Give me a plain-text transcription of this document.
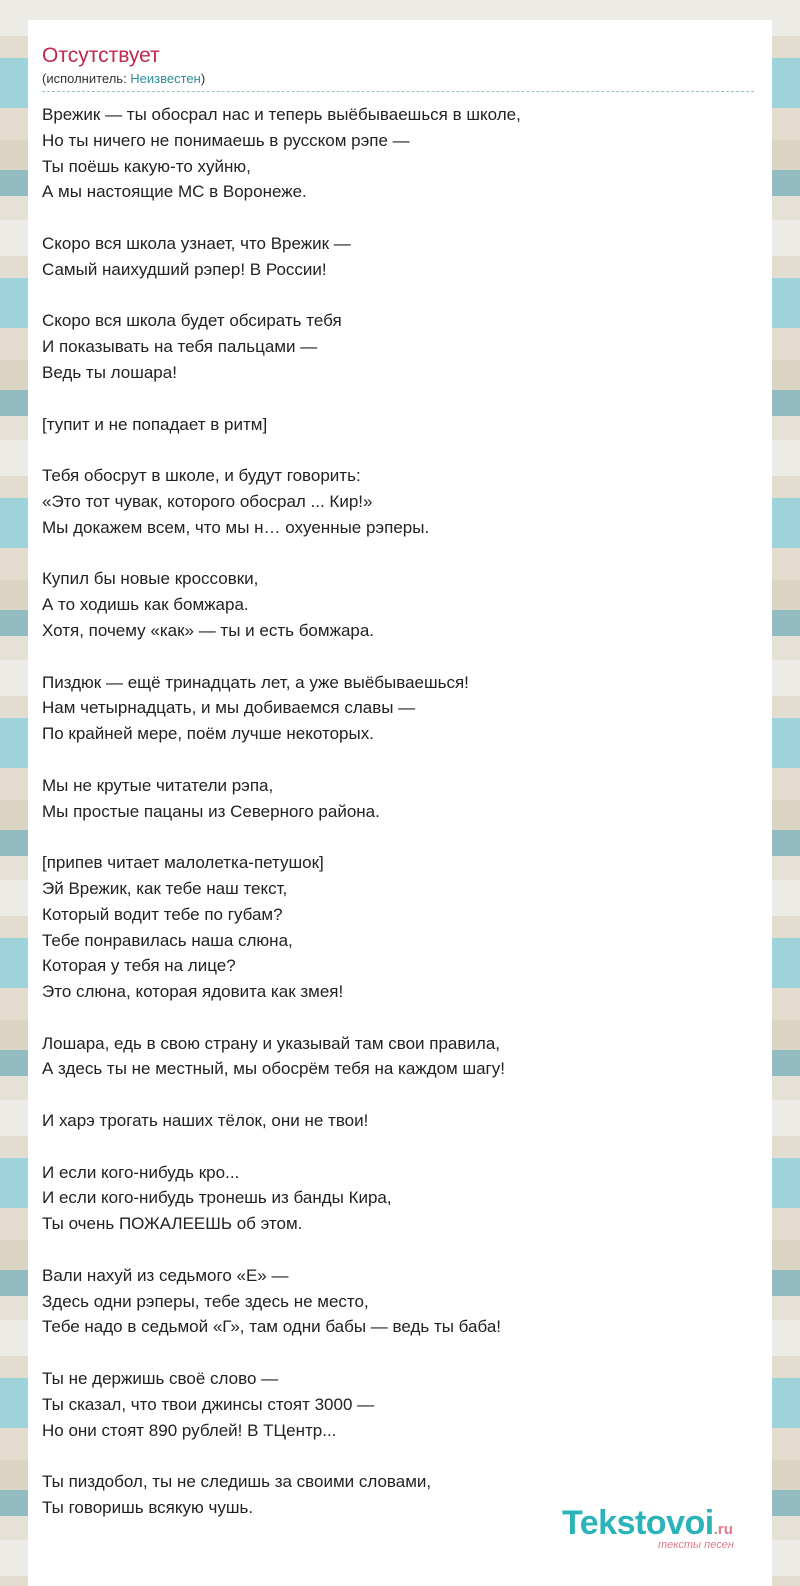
Отсутствует
(исполнитель: Неизвестен)
Врежик — ты обосрал нас и теперь выёбываешься в школе,
Но ты ничего не понимаешь в русском рэпе —
Ты поёшь какую-то хуйню,
А мы настоящие МС в Воронеже.
Скоро вся школа узнает, что Врежик —
Самый наихудший рэпер! В России!
Скоро вся школа будет обсирать тебя
И показывать на тебя пальцами —
Ведь ты лошара!
[тупит и не попадает в ритм]
Тебя обосрут в школе, и будут говорить:
«Это тот чувак, которого обосрал ... Кир!»
Мы докажем всем, что мы н… охуенные рэперы.
Купил бы новые кроссовки,
А то ходишь как бомжара.
Хотя, почему «как» — ты и есть бомжара.
Пиздюк — ещё тринадцать лет, а уже выёбываешься!
Нам четырнадцать, и мы добиваемся славы —
По крайней мере, поём лучше некоторых.
Мы не крутые читатели рэпа,
Мы простые пацаны из Северного района.
[припев читает малолетка-петушок]
Эй Врежик, как тебе наш текст,
Который водит тебе по губам?
Тебе понравилась наша слюна,
Которая у тебя на лице?
Это слюна, которая ядовита как змея!
Лошара, едь в свою страну и указывай там свои правила,
А здесь ты не местный, мы обосрём тебя на каждом шагу!
И харэ трогать наших тёлок, они не твои!
И если кого-нибудь кро...
И если кого-нибудь тронешь из банды Кира,
Ты очень ПОЖАЛЕЕШЬ об этом.
Вали нахуй из седьмого «Е» —
Здесь одни рэперы, тебе здесь не место,
Тебе надо в седьмой «Г», там одни бабы — ведь ты баба!
Ты не держишь своё слово —
Ты сказал, что твои джинсы стоят 3000 —
Но они стоят 890 рублей! В ТЦентр...
Ты пиздобол, ты не следишь за своими словами,
Ты говоришь всякую чушь.	Tekstovoi.ru
тексты песен
